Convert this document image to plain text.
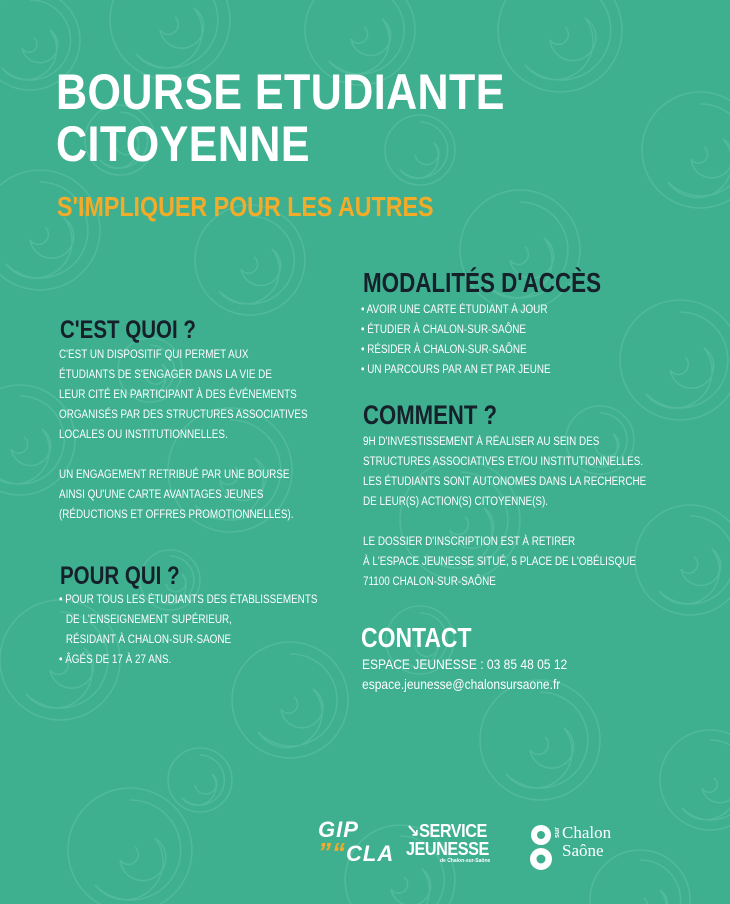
BOURSE ETUDIANTE
CITOYENNE
S'IMPLIQUER POUR LES AUTRES
MODALITÉS D'ACCÈS
• AVOIR UNE CARTE ÉTUDIANT À JOUR
• ÉTUDIER À CHALON-SUR-SAÔNE
• RÉSIDER À CHALON-SUR-SAÔNE
• UN PARCOURS PAR AN ET PAR JEUNE
C'EST QUOI ?

C'EST UN DISPOSITIF QUI PERMET AUX

ÉTUDIANTS DE S'ENGAGER DANS LA VIE DE

LEUR CITÉ EN PARTICIPANT À DES ÉVÉNEMENTS

ORGANISÉS PAR DES STRUCTURES ASSOCIATIVES

LOCALES OU INSTITUTIONNELLES.

UN ENGAGEMENT RETRIBUÉ PAR UNE BOURSE

AINSI QU'UNE CARTE AVANTAGES JEUNES

(RÉDUCTIONS ET OFFRES PROMOTIONNELLES).

COMMENT ?

9H D'INVESTISSEMENT À RÉALISER AU SEIN DES

STRUCTURES ASSOCIATIVES ET/OU INSTITUTIONNELLES.

LES ÉTUDIANTS SONT AUTONOMES DANS LA RECHERCHE

DE LEUR(S) ACTION(S) CITOYENNE(S).

LE DOSSIER D'INSCRIPTION EST À RETIRER

À L'ESPACE JEUNESSE SITUÉ, 5 PLACE DE L'OBÉLISQUE

71100 CHALON-SUR-SAÔNE

POUR QUI ?
• POUR TOUS LES ÉTUDIANTS DES ÉTABLISSEMENTS
DE L'ENSEIGNEMENT SUPÉRIEUR,
RÉSIDANT À CHALON-SUR-SAONE
• ÂGÉS DE 17 À 27 ANS.
CONTACT

ESPACE JEUNESSE : 03 85 48 05 12

espace.jeunesse@chalonsursaone.fr

GIP
”“CLA
↘SERVICE
JEUNESSE
de Chalon-sur-Saône
sur Chalon
Saône
